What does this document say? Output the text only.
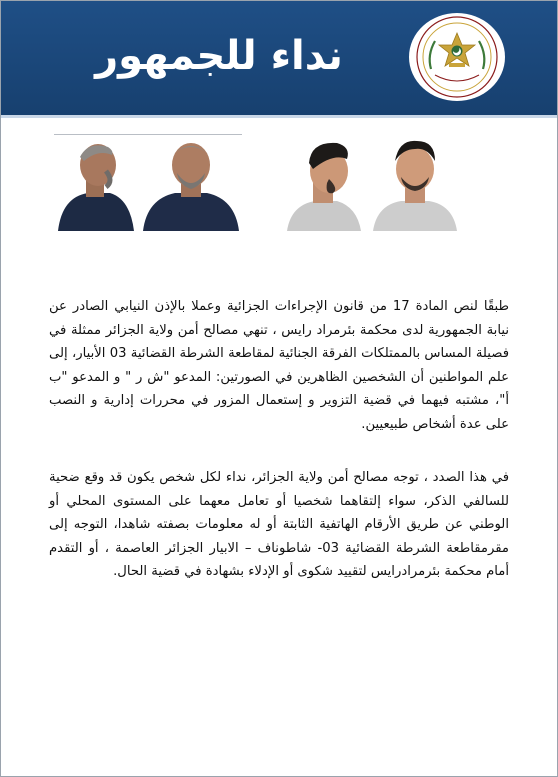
نداء للجمهور

طبقًا لنص المادة 17 من قانون الإجراءات الجزائية وعملا بالإذن النيابي الصادر عن نيابة الجمهورية لدى محكمة بئرمراد رايس ، تنهي مصالح أمن ولاية الجزائر ممثلة في فصيلة المساس بالممتلكات الفرقة الجنائية لمقاطعة الشرطة القضائية 03 الأبيار، إلى علم المواطنين أن الشخصين الظاهرين في الصورتين: المدعو "ش ر " و المدعو "ب أ"، مشتبه فيهما في قضية التزوير و إستعمال المزور في محررات إدارية و النصب على عدة أشخاص طبيعيين.

في هذا الصدد ، توجه مصالح أمن ولاية الجزائر، نداء لكل شخص يكون قد وقع ضحية للسالفي الذكر، سواء إلتقاهما شخصيا أو تعامل معهما على المستوى المحلي أو الوطني عن طريق الأرقام الهاتفية الثابتة أو له معلومات بصفته شاهدا، التوجه إلى مقرمقاطعة الشرطة القضائية 03- شاطوناف – الابيار الجزائر العاصمة ، أو التقدم أمام محكمة بئرمرادرايس لتقييد شكوى أو الإدلاء بشهادة في قضية الحال.
